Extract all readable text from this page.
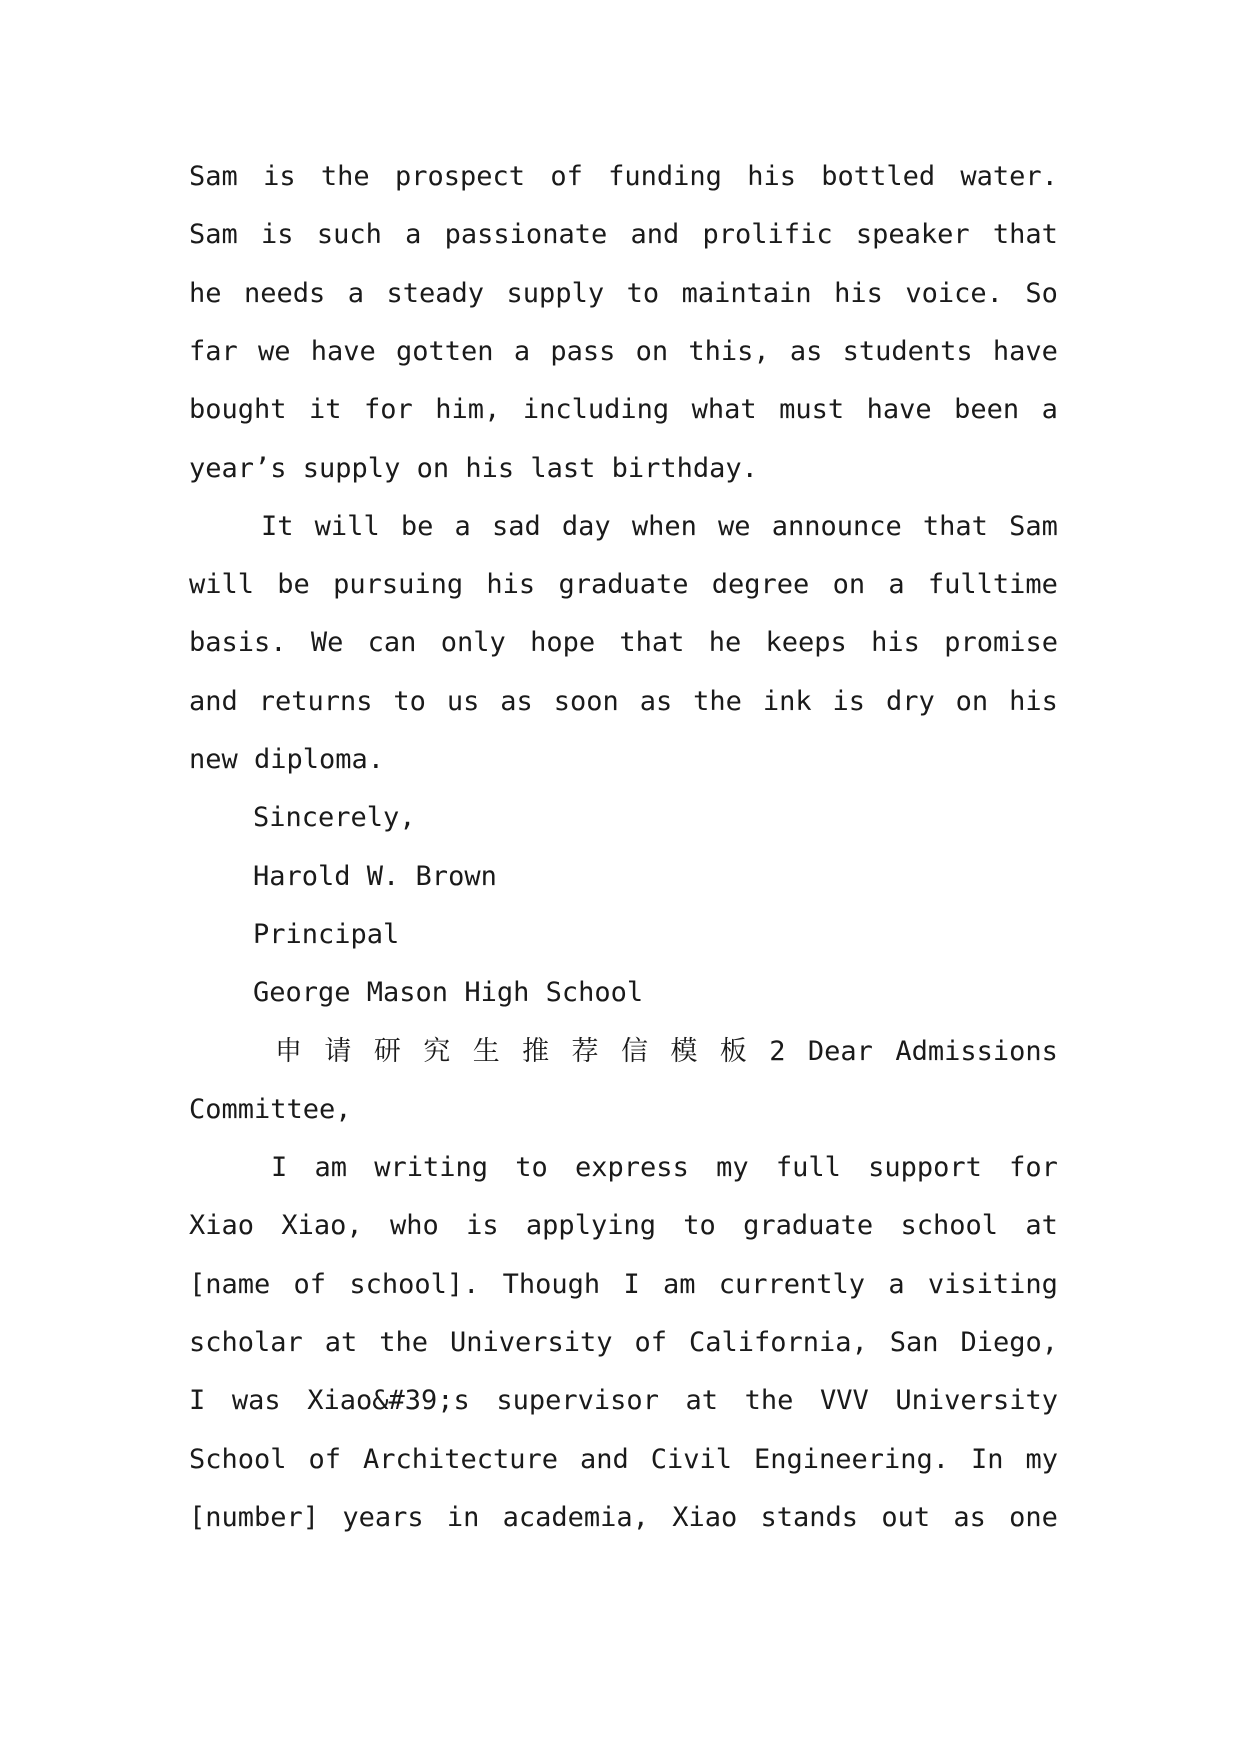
Sam is the prospect of funding his bottled water.
Sam is such a passionate and prolific speaker that
he needs a steady supply to maintain his voice. So
far we have gotten a pass on this, as students have
bought it for him, including what must have been a
year’s supply on his last birthday.
It will be a sad day when we announce that Sam
will be pursuing his graduate degree on a fulltime
basis. We can only hope that he keeps his promise
and returns to us as soon as the ink is dry on his
new diploma.
Sincerely,
Harold W. Brown
Principal
George Mason High School
申 请 研 究 生 推 荐 信 模 板 2 Dear Admissions
Committee,
I am writing to express my full support for
Xiao Xiao, who is applying to graduate school at
[name of school]. Though I am currently a visiting
scholar at the University of California, San Diego,
I was Xiao&#39;s supervisor at the VVV University
School of Architecture and Civil Engineering. In my
[number] years in academia, Xiao stands out as one
